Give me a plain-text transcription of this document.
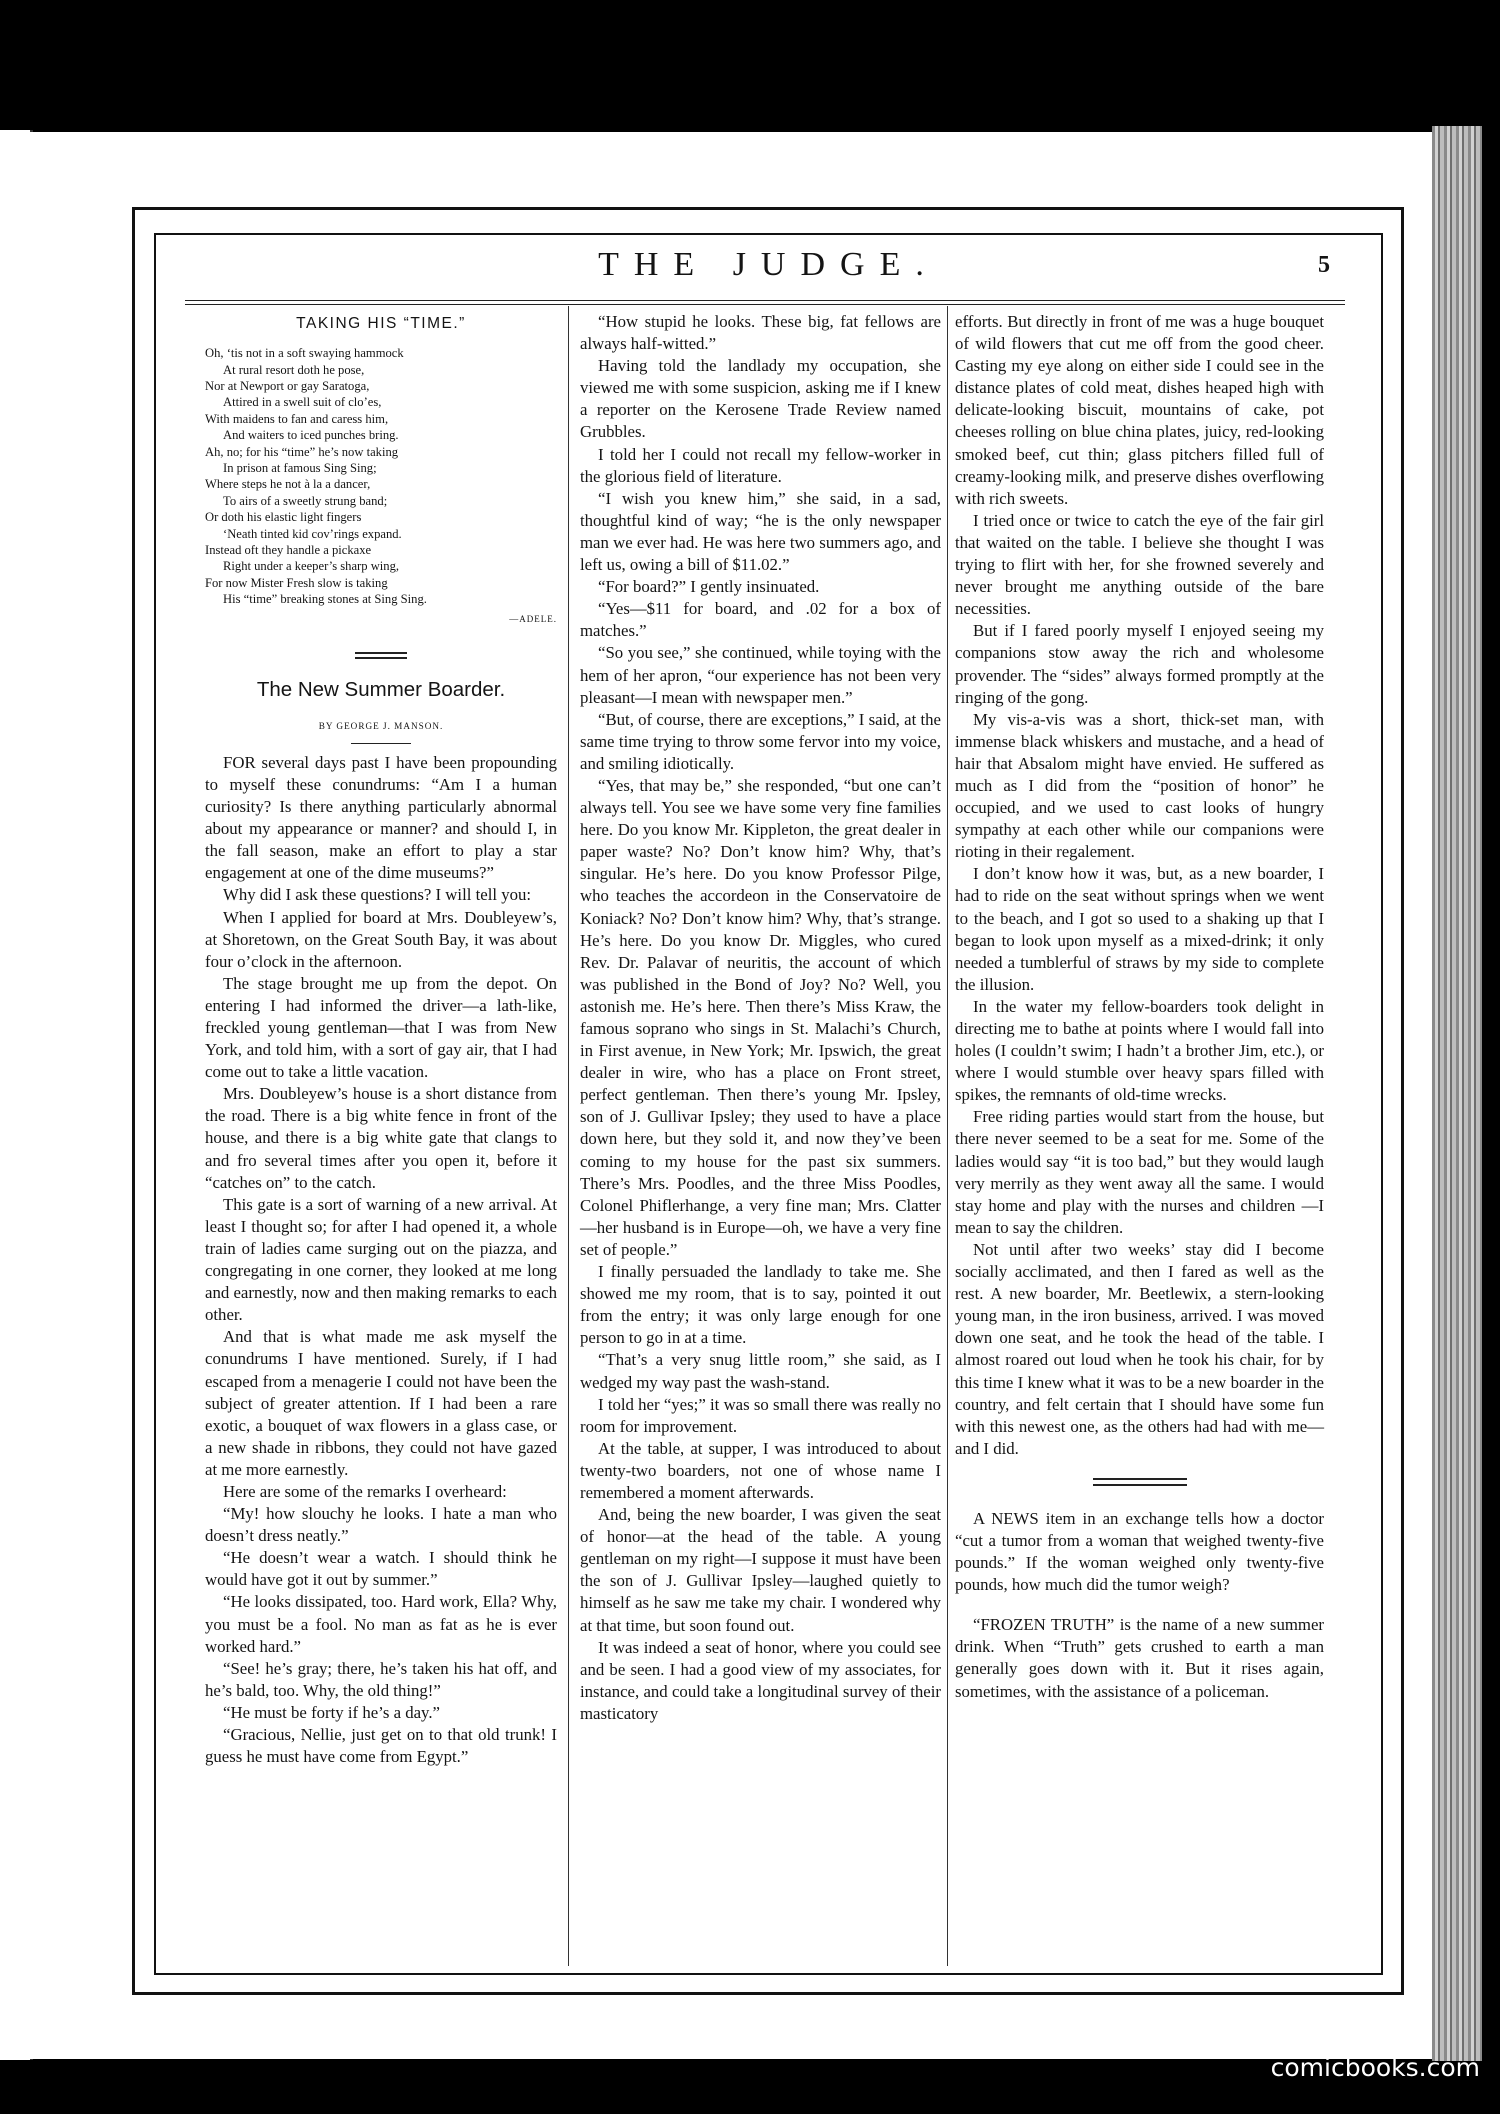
THE JUDGE.	5
TAKING HIS “TIME.”
Oh, ‘tis not in a soft swaying hammock
At rural resort doth he pose,
Nor at Newport or gay Saratoga,
Attired in a swell suit of clo’es,
With maidens to fan and caress him,
And waiters to iced punches bring.
Ah, no; for his “time” he’s now taking
In prison at famous Sing Sing;
Where steps he not à la a dancer,
To airs of a sweetly strung band;
Or doth his elastic light fingers
‘Neath tinted kid cov’rings expand.
Instead oft they handle a pickaxe
Right under a keeper’s sharp wing,
For now Mister Fresh slow is taking
His “time” breaking stones at Sing Sing.
—ADELE.
The New Summer Boarder.
BY GEORGE J. MANSON.

FOR several days past I have been propounding to myself these conundrums: “Am I a human curiosity? Is there anything particularly abnormal about my appearance or manner? and should I, in the fall season, make an effort to play a star engagement at one of the dime museums?”

Why did I ask these questions? I will tell you:

When I applied for board at Mrs. Doubleyew’s, at Shoretown, on the Great South Bay, it was about four o’clock in the afternoon.

The stage brought me up from the depot. On entering I had informed the driver—a lath-like, freckled young gentleman—that I was from New York, and told him, with a sort of gay air, that I had come out to take a little vacation.

Mrs. Doubleyew’s house is a short distance from the road. There is a big white fence in front of the house, and there is a big white gate that clangs to and fro several times after you open it, before it “catches on” to the catch.

This gate is a sort of warning of a new arrival. At least I thought so; for after I had opened it, a whole train of ladies came surging out on the piazza, and congregating in one corner, they looked at me long and earnestly, now and then making remarks to each other.

And that is what made me ask myself the conundrums I have mentioned. Surely, if I had escaped from a menagerie I could not have been the subject of greater attention. If I had been a rare exotic, a bouquet of wax flowers in a glass case, or a new shade in ribbons, they could not have gazed at me more earnestly.

Here are some of the remarks I overheard:

“My! how slouchy he looks. I hate a man who doesn’t dress neatly.”

“He doesn’t wear a watch. I should think he would have got it out by summer.”

“He looks dissipated, too. Hard work, Ella? Why, you must be a fool. No man as fat as he is ever worked hard.”

“See! he’s gray; there, he’s taken his hat off, and he’s bald, too. Why, the old thing!”

“He must be forty if he’s a day.”

“Gracious, Nellie, just get on to that old trunk! I guess he must have come from Egypt.”

“How stupid he looks. These big, fat fellows are always half-witted.”

Having told the landlady my occupation, she viewed me with some suspicion, asking me if I knew a reporter on the Kerosene Trade Review named Grubbles.

I told her I could not recall my fellow-worker in the glorious field of literature.

“I wish you knew him,” she said, in a sad, thoughtful kind of way; “he is the only newspaper man we ever had. He was here two summers ago, and left us, owing a bill of $11.02.”

“For board?” I gently insinuated.

“Yes—$11 for board, and .02 for a box of matches.”

“So you see,” she continued, while toying with the hem of her apron, “our experience has not been very pleasant—I mean with newspaper men.”

“But, of course, there are exceptions,” I said, at the same time trying to throw some fervor into my voice, and smiling idiotically.

“Yes, that may be,” she responded, “but one can’t always tell. You see we have some very fine families here. Do you know Mr. Kippleton, the great dealer in paper waste? No? Don’t know him? Why, that’s singular. He’s here. Do you know Professor Pilge, who teaches the accordeon in the Conservatoire de Koniack? No? Don’t know him? Why, that’s strange. He’s here. Do you know Dr. Miggles, who cured Rev. Dr. Palavar of neuritis, the account of which was published in the Bond of Joy? No? Well, you astonish me. He’s here. Then there’s Miss Kraw, the famous soprano who sings in St. Malachi’s Church, in First avenue, in New York; Mr. Ipswich, the great dealer in wire, who has a place on Front street, perfect gentleman. Then there’s young Mr. Ipsley, son of J. Gullivar Ipsley; they used to have a place down here, but they sold it, and now they’ve been coming to my house for the past six summers. There’s Mrs. Poodles, and the three Miss Poodles, Colonel Phiflerhange, a very fine man; Mrs. Clatter—her husband is in Europe—oh, we have a very fine set of people.”

I finally persuaded the landlady to take me. She showed me my room, that is to say, pointed it out from the entry; it was only large enough for one person to go in at a time.

“That’s a very snug little room,” she said, as I wedged my way past the wash-stand.

I told her “yes;” it was so small there was really no room for improvement.

At the table, at supper, I was introduced to about twenty-two boarders, not one of whose name I remembered a moment afterwards.

And, being the new boarder, I was given the seat of honor—at the head of the table. A young gentleman on my right—I suppose it must have been the son of J. Gullivar Ipsley—laughed quietly to himself as he saw me take my chair. I wondered why at that time, but soon found out.

It was indeed a seat of honor, where you could see and be seen. I had a good view of my associates, for instance, and could take a longitudinal survey of their masticatory

efforts. But directly in front of me was a huge bouquet of wild flowers that cut me off from the good cheer. Casting my eye along on either side I could see in the distance plates of cold meat, dishes heaped high with delicate-looking biscuit, mountains of cake, pot cheeses rolling on blue china plates, juicy, red-looking smoked beef, cut thin; glass pitchers filled full of creamy-looking milk, and preserve dishes overflowing with rich sweets.

I tried once or twice to catch the eye of the fair girl that waited on the table. I believe she thought I was trying to flirt with her, for she frowned severely and never brought me anything outside of the bare necessities.

But if I fared poorly myself I enjoyed seeing my companions stow away the rich and wholesome provender. The “sides” always formed promptly at the ringing of the gong.

My vis-a-vis was a short, thick-set man, with immense black whiskers and mustache, and a head of hair that Absalom might have envied. He suffered as much as I did from the “position of honor” he occupied, and we used to cast looks of hungry sympathy at each other while our companions were rioting in their regalement.

I don’t know how it was, but, as a new boarder, I had to ride on the seat without springs when we went to the beach, and I got so used to a shaking up that I began to look upon myself as a mixed-drink; it only needed a tumblerful of straws by my side to complete the illusion.

In the water my fellow-boarders took delight in directing me to bathe at points where I would fall into holes (I couldn’t swim; I hadn’t a brother Jim, etc.), or where I would stumble over heavy spars filled with spikes, the remnants of old-time wrecks.

Free riding parties would start from the house, but there never seemed to be a seat for me. Some of the ladies would say “it is too bad,” but they would laugh very merrily as they went away all the same. I would stay home and play with the nurses and children —I mean to say the children.

Not until after two weeks’ stay did I become socially acclimated, and then I fared as well as the rest. A new boarder, Mr. Beetlewix, a stern-looking young man, in the iron business, arrived. I was moved down one seat, and he took the head of the table. I almost roared out loud when he took his chair, for by this time I knew what it was to be a new boarder in the country, and felt certain that I should have some fun with this newest one, as the others had had with me—and I did.

A NEWS item in an exchange tells how a doctor “cut a tumor from a woman that weighed twenty-five pounds.” If the woman weighed only twenty-five pounds, how much did the tumor weigh?

“FROZEN TRUTH” is the name of a new summer drink. When “Truth” gets crushed to earth a man generally goes down with it. But it rises again, sometimes, with the assistance of a policeman.

comicbooks.com
